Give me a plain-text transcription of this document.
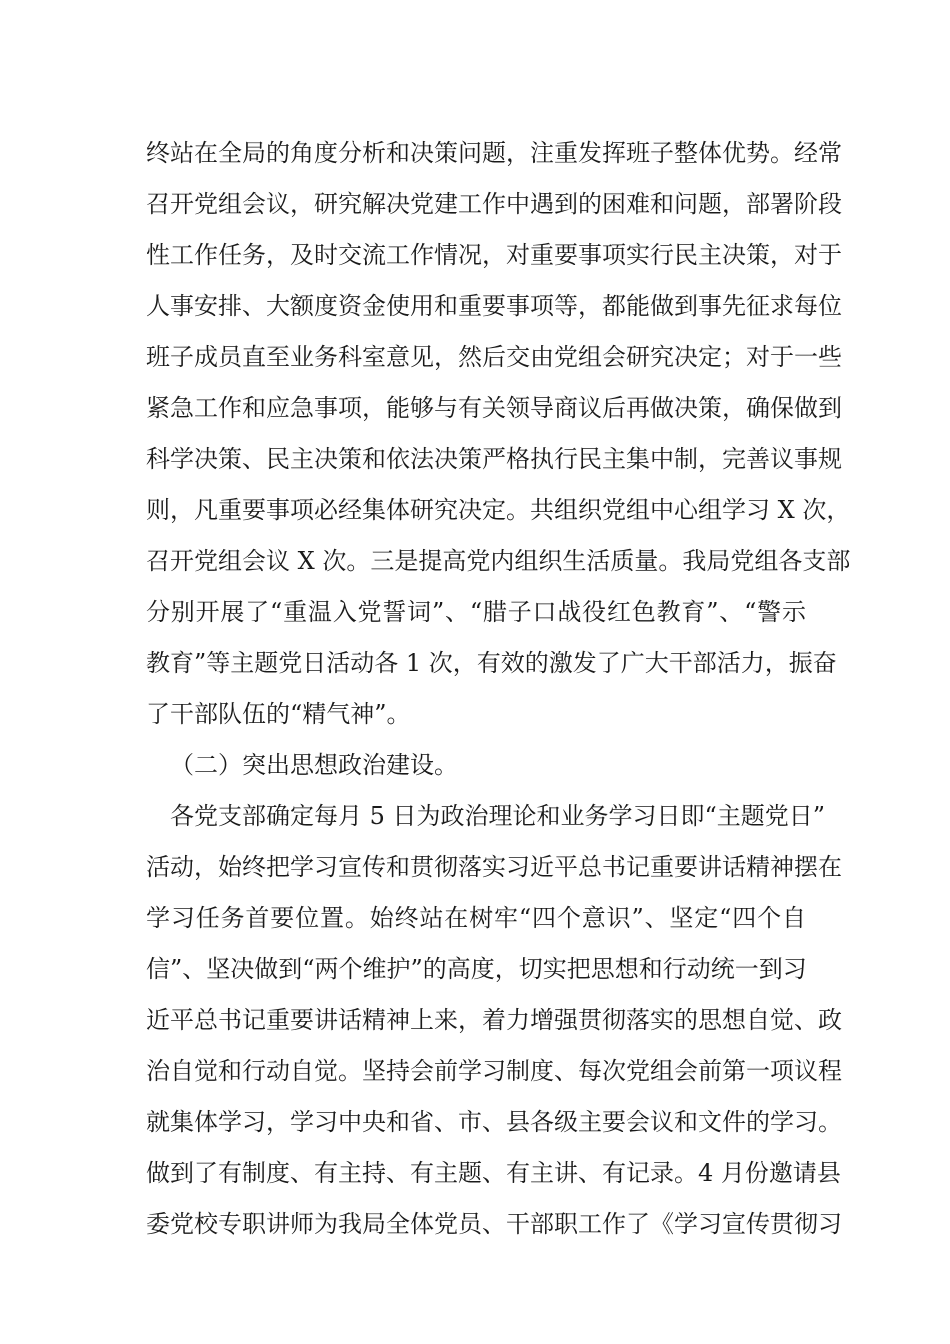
终站在全局的角度分析和决策问题，注重发挥班子整体优势。经常
召开党组会议，研究解决党建工作中遇到的困难和问题，部署阶段
性工作任务，及时交流工作情况，对重要事项实行民主决策，对于
人事安排、大额度资金使用和重要事项等，都能做到事先征求每位
班子成员直至业务科室意见，然后交由党组会研究决定；对于一些
紧急工作和应急事项，能够与有关领导商议后再做决策，确保做到
科学决策、民主决策和依法决策严格执行民主集中制，完善议事规
则，凡重要事项必经集体研究决定。共组织党组中心组学习 X 次，
召开党组会议 X 次。三是提高党内组织生活质量。我局党组各支部
分别开展了“重温入党誓词”、“腊子口战役红色教育”、“警示
教育”等主题党日活动各 1 次，有效的激发了广大干部活力，振奋
了干部队伍的“精气神”。
（二）突出思想政治建设。
各党支部确定每月 5 日为政治理论和业务学习日即“主题党日”
活动，始终把学习宣传和贯彻落实习近平总书记重要讲话精神摆在
学习任务首要位置。始终站在树牢“四个意识”、坚定“四个自
信”、坚决做到“两个维护”的高度，切实把思想和行动统一到习
近平总书记重要讲话精神上来，着力增强贯彻落实的思想自觉、政
治自觉和行动自觉。坚持会前学习制度、每次党组会前第一项议程
就集体学习，学习中央和省、市、县各级主要会议和文件的学习。
做到了有制度、有主持、有主题、有主讲、有记录。4 月份邀请县
委党校专职讲师为我局全体党员、干部职工作了《学习宣传贯彻习
